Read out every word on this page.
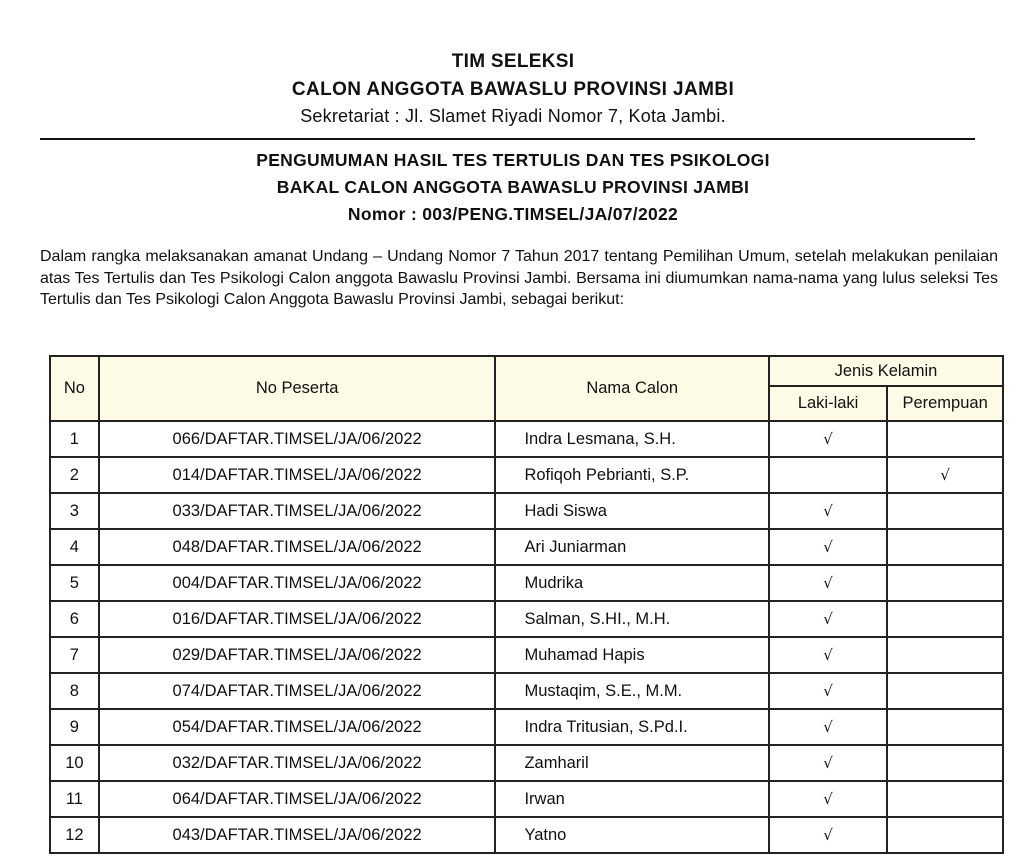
TIM SELEKSI
CALON ANGGOTA BAWASLU PROVINSI JAMBI
Sekretariat : Jl. Slamet Riyadi Nomor 7, Kota Jambi.
PENGUMUMAN HASIL TES TERTULIS DAN TES PSIKOLOGI
BAKAL CALON ANGGOTA BAWASLU PROVINSI JAMBI
Nomor : 003/PENG.TIMSEL/JA/07/2022
Dalam rangka melaksanakan amanat Undang – Undang Nomor 7 Tahun 2017 tentang Pemilihan Umum, setelah melakukan penilaian atas Tes Tertulis dan Tes Psikologi Calon anggota Bawaslu Provinsi Jambi. Bersama ini diumumkan nama-nama yang lulus seleksi Tes Tertulis dan Tes Psikologi Calon Anggota Bawaslu Provinsi Jambi, sebagai berikut:
No	No Peserta	Nama Calon	Jenis Kelamin	
			Laki-laki	Perempuan
1	066/DAFTAR.TIMSEL/JA/06/2022	Indra Lesmana, S.H.	√	
2	014/DAFTAR.TIMSEL/JA/06/2022	Rofiqoh Pebrianti, S.P.		√
3	033/DAFTAR.TIMSEL/JA/06/2022	Hadi Siswa	√	
4	048/DAFTAR.TIMSEL/JA/06/2022	Ari Juniarman	√	
5	004/DAFTAR.TIMSEL/JA/06/2022	Mudrika	√	
6	016/DAFTAR.TIMSEL/JA/06/2022	Salman, S.HI., M.H.	√	
7	029/DAFTAR.TIMSEL/JA/06/2022	Muhamad Hapis	√	
8	074/DAFTAR.TIMSEL/JA/06/2022	Mustaqim, S.E., M.M.	√	
9	054/DAFTAR.TIMSEL/JA/06/2022	Indra Tritusian, S.Pd.I.	√	
10	032/DAFTAR.TIMSEL/JA/06/2022	Zamharil	√	
11	064/DAFTAR.TIMSEL/JA/06/2022	Irwan	√	
12	043/DAFTAR.TIMSEL/JA/06/2022	Yatno	√	
